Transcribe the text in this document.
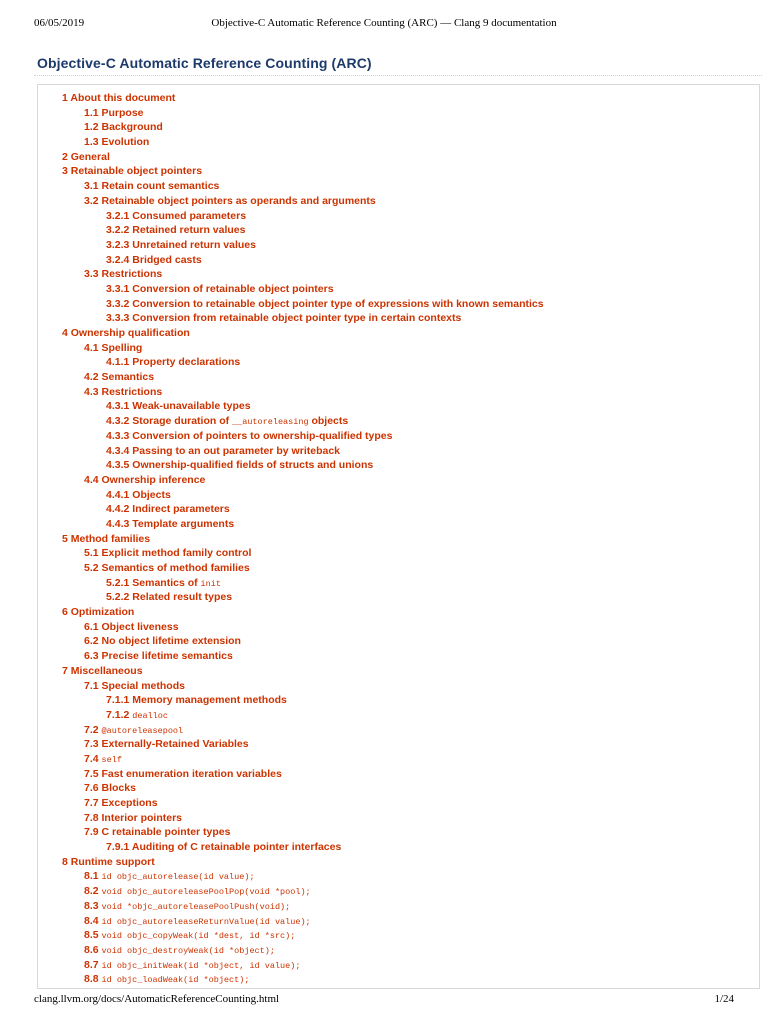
06/05/2019	Objective-C Automatic Reference Counting (ARC) — Clang 9 documentation
Objective-C Automatic Reference Counting (ARC)
1 About this document
1.1 Purpose
1.2 Background
1.3 Evolution
2 General
3 Retainable object pointers
3.1 Retain count semantics
3.2 Retainable object pointers as operands and arguments
3.2.1 Consumed parameters
3.2.2 Retained return values
3.2.3 Unretained return values
3.2.4 Bridged casts
3.3 Restrictions
3.3.1 Conversion of retainable object pointers
3.3.2 Conversion to retainable object pointer type of expressions with known semantics
3.3.3 Conversion from retainable object pointer type in certain contexts
4 Ownership qualification
4.1 Spelling
4.1.1 Property declarations
4.2 Semantics
4.3 Restrictions
4.3.1 Weak-unavailable types
4.3.2 Storage duration of __autoreleasing objects
4.3.3 Conversion of pointers to ownership-qualified types
4.3.4 Passing to an out parameter by writeback
4.3.5 Ownership-qualified fields of structs and unions
4.4 Ownership inference
4.4.1 Objects
4.4.2 Indirect parameters
4.4.3 Template arguments
5 Method families
5.1 Explicit method family control
5.2 Semantics of method families
5.2.1 Semantics of init
5.2.2 Related result types
6 Optimization
6.1 Object liveness
6.2 No object lifetime extension
6.3 Precise lifetime semantics
7 Miscellaneous
7.1 Special methods
7.1.1 Memory management methods
7.1.2 dealloc
7.2 @autoreleasepool
7.3 Externally-Retained Variables
7.4 self
7.5 Fast enumeration iteration variables
7.6 Blocks
7.7 Exceptions
7.8 Interior pointers
7.9 C retainable pointer types
7.9.1 Auditing of C retainable pointer interfaces
8 Runtime support
8.1 id objc_autorelease(id value);
8.2 void objc_autoreleasePoolPop(void *pool);
8.3 void *objc_autoreleasePoolPush(void);
8.4 id objc_autoreleaseReturnValue(id value);
8.5 void objc_copyWeak(id *dest, id *src);
8.6 void objc_destroyWeak(id *object);
8.7 id objc_initWeak(id *object, id value);
8.8 id objc_loadWeak(id *object);
clang.llvm.org/docs/AutomaticReferenceCounting.html	1/24
